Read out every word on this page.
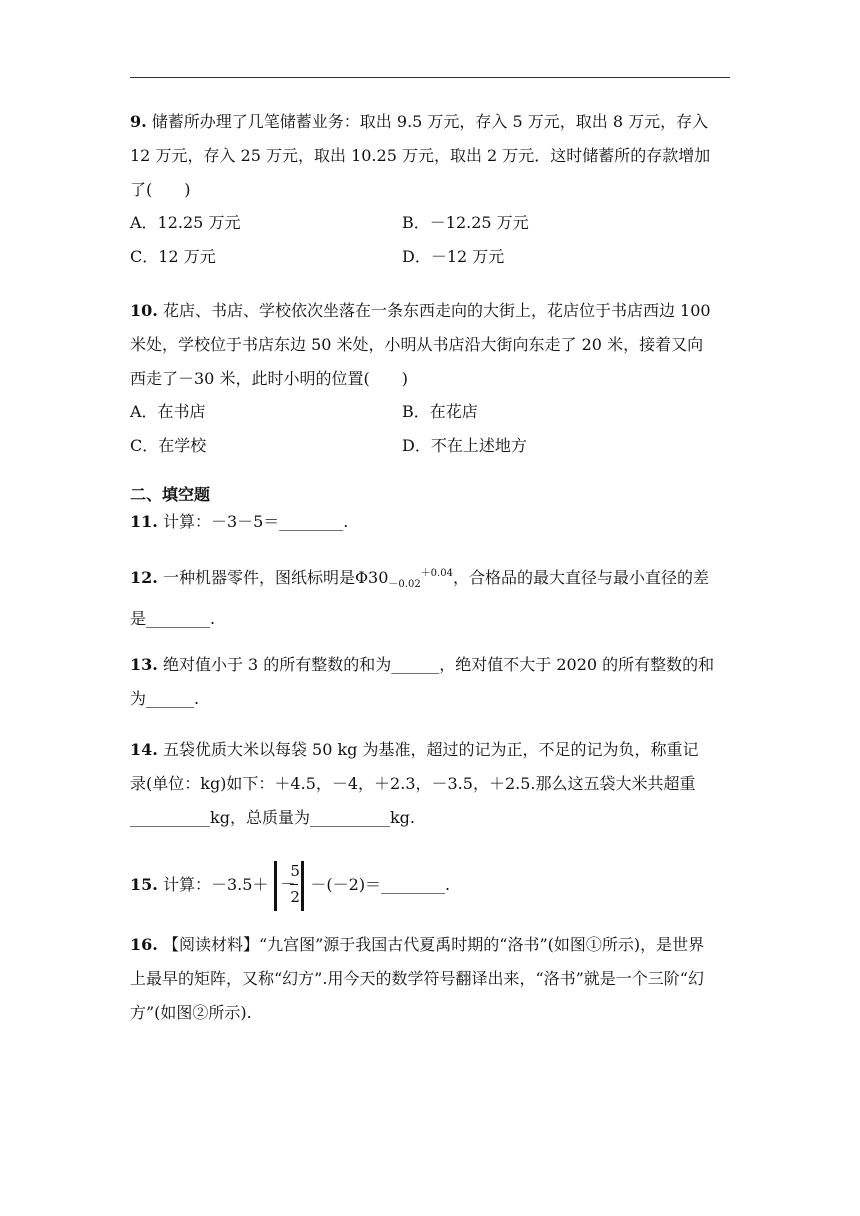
9. 储蓄所办理了几笔储蓄业务：取出 9.5 万元，存入 5 万元，取出 8 万元，存入
12 万元，存入 25 万元，取出 10.25 万元，取出 2 万元．这时储蓄所的存款增加
了(　　)
A．12.25 万元	B．－12.25 万元
C．12 万元	D．－12 万元
10. 花店、书店、学校依次坐落在一条东西走向的大街上，花店位于书店西边 100
米处，学校位于书店东边 50 米处，小明从书店沿大街向东走了 20 米，接着又向
西走了－30 米，此时小明的位置(　　)
A．在书店	B．在花店
C．在学校	D．不在上述地方
二、填空题
11. 计算：－3－5＝________.
12. 一种机器零件，图纸标明是$\Phi 30_{-0.02}^{+0.04}$，合格品的最大直径与最小直径的差
是________.
13. 绝对值小于 3 的所有整数的和为______，绝对值不大于 2020 的所有整数的和
为______.
14. 五袋优质大米以每袋 50 kg 为基准，超过的记为正，不足的记为负，称重记
录(单位：kg)如下：＋4.5，－4，＋2.3，－3.5，＋2.5.那么这五袋大米共超重
__________kg，总质量为__________kg.
15. 计算：－3.5＋ －
5
2
－(－2)＝________.
16. 【阅读材料】“九宫图”源于我国古代夏禹时期的“洛书”(如图①所示)，是世界
上最早的矩阵，又称“幻方”.用今天的数学符号翻译出来，“洛书”就是一个三阶“幻
方”(如图②所示).
